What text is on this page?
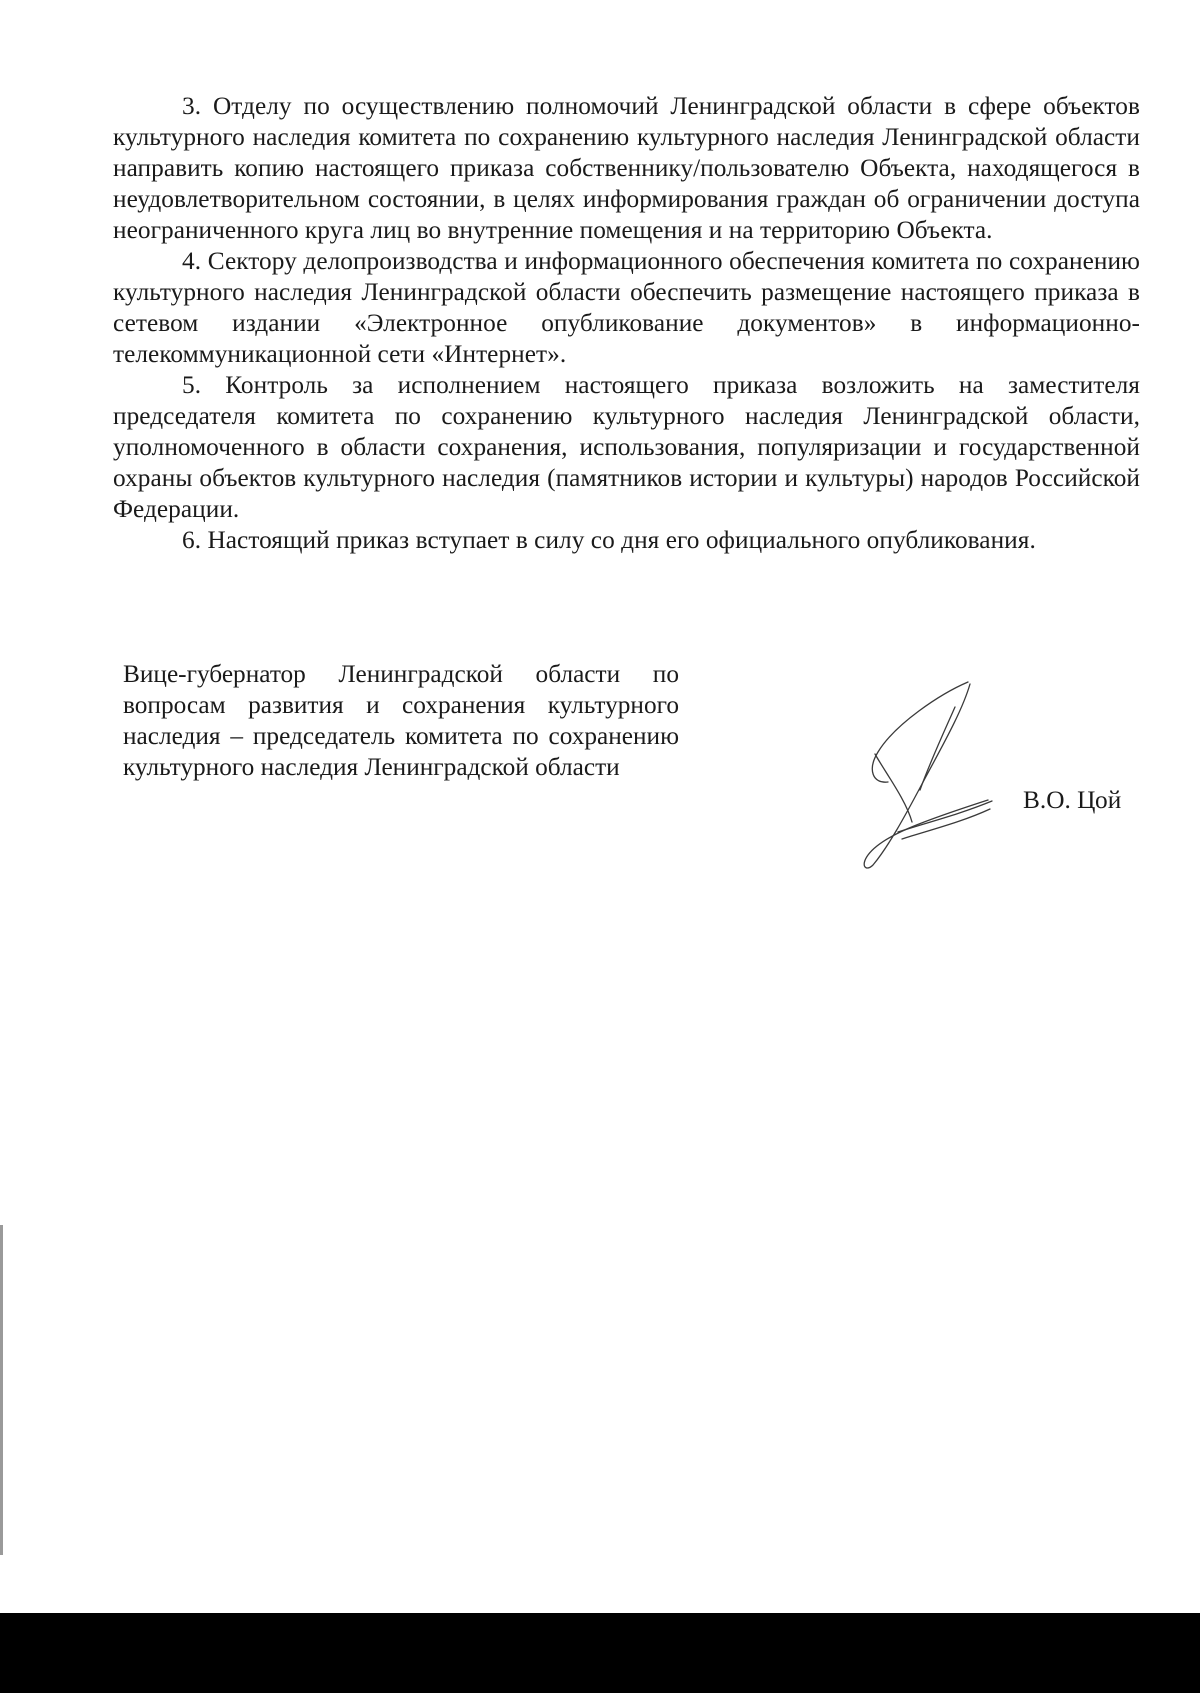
3. Отделу по осуществлению полномочий Ленинградской области в сфере объектов культурного наследия комитета по сохранению культурного наследия Ленинградской области направить копию настоящего приказа собственнику/пользователю Объекта, находящегося в неудовлетворительном состоянии, в целях информирования граждан об ограничении доступа неограниченного круга лиц во внутренние помещения и на территорию Объекта.

4. Сектору делопроизводства и информационного обеспечения комитета по сохранению культурного наследия Ленинградской области обеспечить размещение настоящего приказа в сетевом издании «Электронное опубликование документов» в информационно-телекоммуникационной сети «Интернет».

5. Контроль за исполнением настоящего приказа возложить на заместителя председателя комитета по сохранению культурного наследия Ленинградской области, уполномоченного в области сохранения, использования, популяризации и государственной охраны объектов культурного наследия (памятников истории и культуры) народов Российской Федерации.

6. Настоящий приказ вступает в силу со дня его официального опубликования.

Вице-губернатор Ленинградской области по вопросам развития и сохранения культурного наследия – председатель комитета по сохранению культурного наследия Ленинградской области
В.О. Цой
